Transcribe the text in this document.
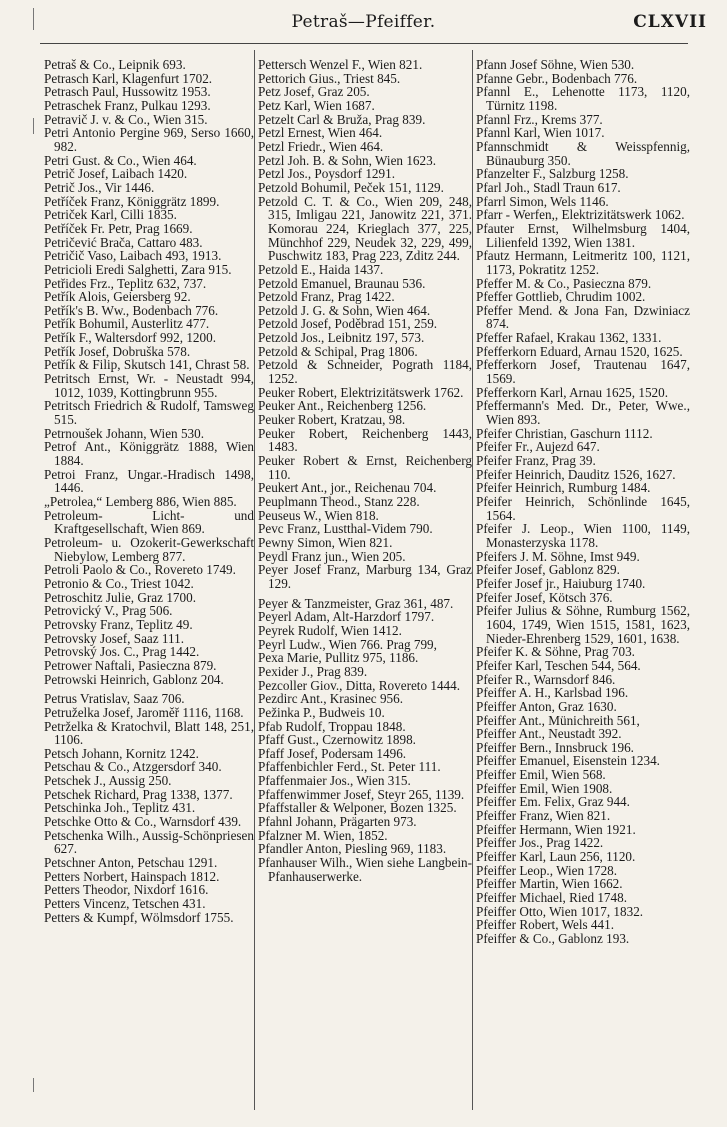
Petraš—Pfeiffer.	CLXVII

Petraš & Co., Leipnik 693.

Petrasch Karl, Klagenfurt 1702.

Petrasch Paul, Hussowitz 1953.

Petraschek Franz, Pulkau 1293.

Petravič J. v. & Co., Wien 315.

Petri Antonio Pergine 969, Serso 1660, 982.

Petri Gust. & Co., Wien 464.

Petrič Josef, Laibach 1420.

Petrič Jos., Vir 1446.

Petříček Franz, Königgrätz 1899.

Petriček Karl, Cilli 1835.

Petříček Fr. Petr, Prag 1669.

Petričević Brača, Cattaro 483.

Petričič Vaso, Laibach 493, 1913.

Petricioli Eredi Salghetti, Zara 915.

Petřides Frz., Teplitz 632, 737.

Petřík Alois, Geiersberg 92.

Petřík's B. Ww., Bodenbach 776.

Petřík Bohumil, Austerlitz 477.

Petřík F., Waltersdorf 992, 1200.

Petřík Josef, Dobruška 578.

Petřík & Filip, Skutsch 141, Chrast 58.

Petritsch Ernst, Wr. - Neustadt 994, 1012, 1039, Kottingbrunn 955.

Petritsch Friedrich & Rudolf, Tamsweg 515.

Petrnoušek Johann, Wien 530.

Petrof Ant., Königgrätz 1888, Wien 1884.

Petroi Franz, Ungar.-Hradisch 1498, 1446.

„Petrolea,“ Lemberg 886, Wien 885.

Petroleum- Licht- und Kraftgesellschaft, Wien 869.

Petroleum- u. Ozokerit-Gewerkschaft Niebylow, Lemberg 877.

Petroli Paolo & Co., Rovereto 1749.

Petronio & Co., Triest 1042.

Petroschitz Julie, Graz 1700.

Petrovický V., Prag 506.

Petrovsky Franz, Teplitz 49.

Petrovsky Josef, Saaz 111.

Petrovský Jos. C., Prag 1442.

Petrower Naftali, Pasieczna 879.

Petrowski Heinrich, Gablonz 204.

Petrus Vratislav, Saaz 706.

Petruželka Josef, Jaroměř 1116, 1168.

Petrželka & Kratochvil, Blatt 148, 251, 1106.

Petsch Johann, Kornitz 1242.

Petschau & Co., Atzgersdorf 340.

Petschek J., Aussig 250.

Petschek Richard, Prag 1338, 1377.

Petschinka Joh., Teplitz 431.

Petschke Otto & Co., Warnsdorf 439.

Petschenka Wilh., Aussig-Schönpriesen 627.

Petschner Anton, Petschau 1291.

Petters Norbert, Hainspach 1812.

Petters Theodor, Nixdorf 1616.

Petters Vincenz, Tetschen 431.

Petters & Kumpf, Wölmsdorf 1755.

Pettersch Wenzel F., Wien 821.

Pettorich Gius., Triest 845.

Petz Josef, Graz 205.

Petz Karl, Wien 1687.

Petzelt Carl & Bruža, Prag 839.

Petzl Ernest, Wien 464.

Petzl Friedr., Wien 464.

Petzl Joh. B. & Sohn, Wien 1623.

Petzl Jos., Poysdorf 1291.

Petzold Bohumil, Peček 151, 1129.

Petzold C. T. & Co., Wien 209, 248, 315, Imligau 221, Janowitz 221, 371. Komorau 224, Krieglach 377, 225, Münchhof 229, Neudek 32, 229, 499, Puschwitz 183, Prag 223, Zditz 244.

Petzold E., Haida 1437.

Petzold Emanuel, Braunau 536.

Petzold Franz, Prag 1422.

Petzold J. G. & Sohn, Wien 464.

Petzold Josef, Poděbrad 151, 259.

Petzold Jos., Leibnitz 197, 573.

Petzold & Schipal, Prag 1806.

Petzold & Schneider, Pograth 1184, 1252.

Peuker Robert, Elektrizitätswerk 1762.

Peuker Ant., Reichenberg 1256.

Peuker Robert, Kratzau, 98.

Peuker Robert, Reichenberg 1443, 1483.

Peuker Robert & Ernst, Reichenberg 110.

Peukert Ant., jor., Reichenau 704.

Peuplmann Theod., Stanz 228.

Peuseus W., Wien 818.

Pevc Franz, Lustthal-Videm 790.

Pewny Simon, Wien 821.

Peydl Franz jun., Wien 205.

Peyer Josef Franz, Marburg 134, Graz 129.

Peyer & Tanzmeister, Graz 361, 487.

Peyerl Adam, Alt-Harzdorf 1797.

Peyrek Rudolf, Wien 1412.

Peyrl Ludw., Wien 766. Prag 799,

Pexa Marie, Pullitz 975, 1186.

Pexider J., Prag 839.

Pezcoller Giov., Ditta, Rovereto 1444.

Pezdirc Ant., Krasinec 956.

Pežinka P., Budweis 10.

Pfab Rudolf, Troppau 1848.

Pfaff Gust., Czernowitz 1898.

Pfaff Josef, Podersam 1496.

Pfaffenbichler Ferd., St. Peter 111.

Pfaffenmaier Jos., Wien 315.

Pfaffenwimmer Josef, Steyr 265, 1139.

Pfaffstaller & Welponer, Bozen 1325.

Pfahnl Johann, Prägarten 973.

Pfalzner M. Wien, 1852.

Pfandler Anton, Piesling 969, 1183.

Pfanhauser Wilh., Wien siehe Langbein-Pfanhauserwerke.

Pfann Josef Söhne, Wien 530.

Pfanne Gebr., Bodenbach 776.

Pfannl E., Lehenotte 1173, 1120, Türnitz 1198.

Pfannl Frz., Krems 377.

Pfannl Karl, Wien 1017.

Pfannschmidt & Weisspfennig, Bünauburg 350.

Pfanzelter F., Salzburg 1258.

Pfarl Joh., Stadl Traun 617.

Pfarrl Simon, Wels 1146.

Pfarr - Werfen,, Elektrizitätswerk 1062.

Pfauter Ernst, Wilhelmsburg 1404, Lilienfeld 1392, Wien 1381.

Pfautz Hermann, Leitmeritz 100, 1121, 1173, Pokratitz 1252.

Pfeffer M. & Co., Pasieczna 879.

Pfeffer Gottlieb, Chrudim 1002.

Pfeffer Mend. & Jona Fan, Dzwiniacz 874.

Pfeffer Rafael, Krakau 1362, 1331.

Pfefferkorn Eduard, Arnau 1520, 1625.

Pfefferkorn Josef, Trautenau 1647, 1569.

Pfefferkorn Karl, Arnau 1625, 1520.

Pfeffermann's Med. Dr., Peter, Wwe., Wien 893.

Pfeifer Christian, Gaschurn 1112.

Pfeifer Fr., Aujezd 647.

Pfeifer Franz, Prag 39.

Pfeifer Heinrich, Dauditz 1526, 1627.

Pfeifer Heinrich, Rumburg 1484.

Pfeifer Heinrich, Schönlinde 1645, 1564.

Pfeifer J. Leop., Wien 1100, 1149, Monasterzyska 1178.

Pfeifers J. M. Söhne, Imst 949.

Pfeifer Josef, Gablonz 829.

Pfeifer Josef jr., Haiuburg 1740.

Pfeifer Josef, Kötsch 376.

Pfeifer Julius & Söhne, Rumburg 1562, 1604, 1749, Wien 1515, 1581, 1623, Nieder-Ehrenberg 1529, 1601, 1638.

Pfeifer K. & Söhne, Prag 703.

Pfeifer Karl, Teschen 544, 564.

Pfeifer R., Warnsdorf 846.

Pfeiffer A. H., Karlsbad 196.

Pfeiffer Anton, Graz 1630.

Pfeiffer Ant., Münichreith 561,

Pfeiffer Ant., Neustadt 392.

Pfeiffer Bern., Innsbruck 196.

Pfeiffer Emanuel, Eisenstein 1234.

Pfeiffer Emil, Wien 568.

Pfeiffer Emil, Wien 1908.

Pfeiffer Em. Felix, Graz 944.

Pfeiffer Franz, Wien 821.

Pfeiffer Hermann, Wien 1921.

Pfeiffer Jos., Prag 1422.

Pfeiffer Karl, Laun 256, 1120.

Pfeiffer Leop., Wien 1728.

Pfeiffer Martin, Wien 1662.

Pfeiffer Michael, Ried 1748.

Pfeiffer Otto, Wien 1017, 1832.

Pfeiffer Robert, Wels 441.

Pfeiffer & Co., Gablonz 193.
